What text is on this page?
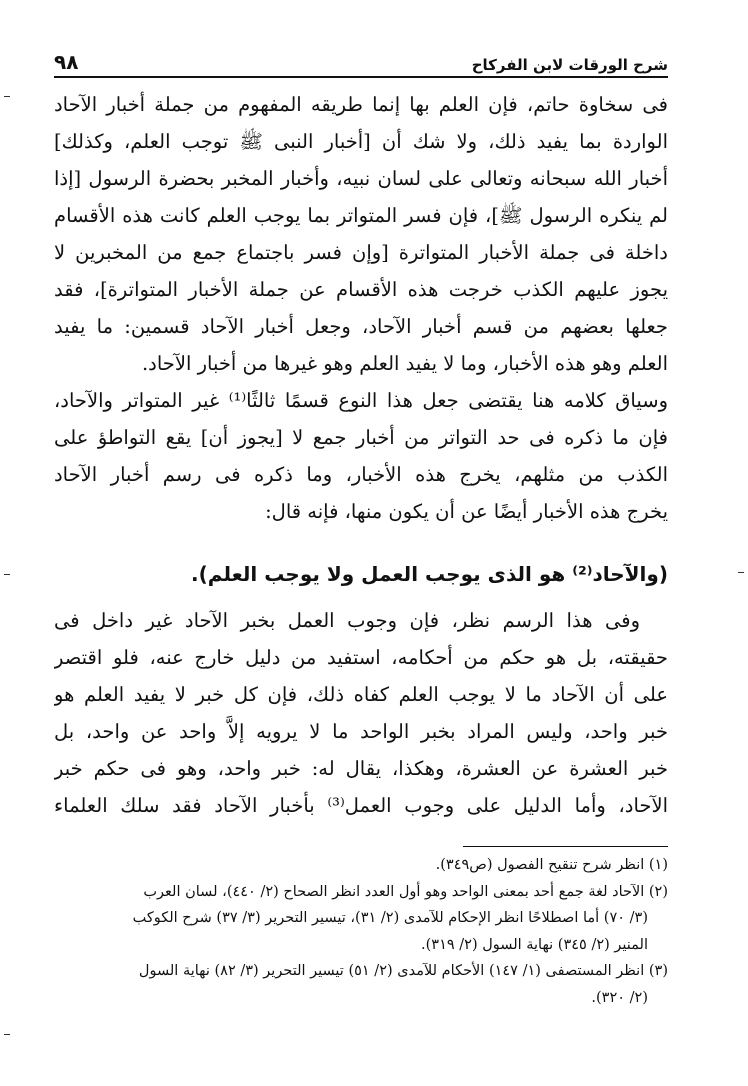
شرح الورقات لابن الفركاح
٩٨
فى سخاوة حاتم، فإن العلم بها إنما طريقه المفهوم من جملة أخبار الآحاد
الواردة بما يفيد ذلك، ولا شك أن [أخبار النبى ﷺ توجب العلم، وكذلك]
أخبار الله سبحانه وتعالى على لسان نبيه، وأخبار المخبر بحضرة الرسول [إذا
لم ينكره الرسول ﷺ]، فإن فسر المتواتر بما يوجب العلم كانت هذه الأقسام
داخلة فى جملة الأخبار المتواترة [وإن فسر باجتماع جمع من المخبرين لا
يجوز عليهم الكذب خرجت هذه الأقسام عن جملة الأخبار المتواترة]، فقد
جعلها بعضهم من قسم أخبار الآحاد، وجعل أخبار الآحاد قسمين: ما يفيد
العلم وهو هذه الأخبار، وما لا يفيد العلم وهو غيرها من أخبار الآحاد.
وسياق كلامه هنا يقتضى جعل هذا النوع قسمًا ثالثًا⁽¹⁾ غير المتواتر والآحاد،
فإن ما ذكره فى حد التواتر من أخبار جمع لا [يجوز أن] يقع التواطؤ على
الكذب من مثلهم، يخرج هذه الأخبار، وما ذكره فى رسم أخبار الآحاد
يخرج هذه الأخبار أيضًا عن أن يكون منها، فإنه قال:
(والآحاد⁽²⁾ هو الذى يوجب العمل ولا يوجب العلم).
وفى هذا الرسم نظر، فإن وجوب العمل بخبر الآحاد غير داخل فى
حقيقته، بل هو حكم من أحكامه، استفيد من دليل خارج عنه، فلو اقتصر
على أن الآحاد ما لا يوجب العلم كفاه ذلك، فإن كل خبر لا يفيد العلم هو
خبر واحد، وليس المراد بخبر الواحد ما لا يرويه إلاَّ واحد عن واحد، بل
خبر العشرة عن العشرة، وهكذا، يقال له: خبر واحد، وهو فى حكم خبر
الآحاد، وأما الدليل على وجوب العمل⁽³⁾ بأخبار الآحاد فقد سلك العلماء
(١) انظر شرح تنقيح الفصول (ص٣٤٩).
(٢) الآحاد لغة جمع أحد بمعنى الواحد وهو أول العدد انظر الصحاح (٢/ ٤٤٠)، لسان العرب
(٣/ ٧٠) أما اصطلاحًا انظر الإحكام للآمدى (٢/ ٣١)، تيسير التحرير (٣/ ٣٧) شرح الكوكب
المنير (٢/ ٣٤٥) نهاية السول (٢/ ٣١٩).
(٣) انظر المستصفى (١/ ١٤٧) الأحكام للآمدى (٢/ ٥١) تيسير التحرير (٣/ ٨٢) نهاية السول
(٢/ ٣٢٠).
